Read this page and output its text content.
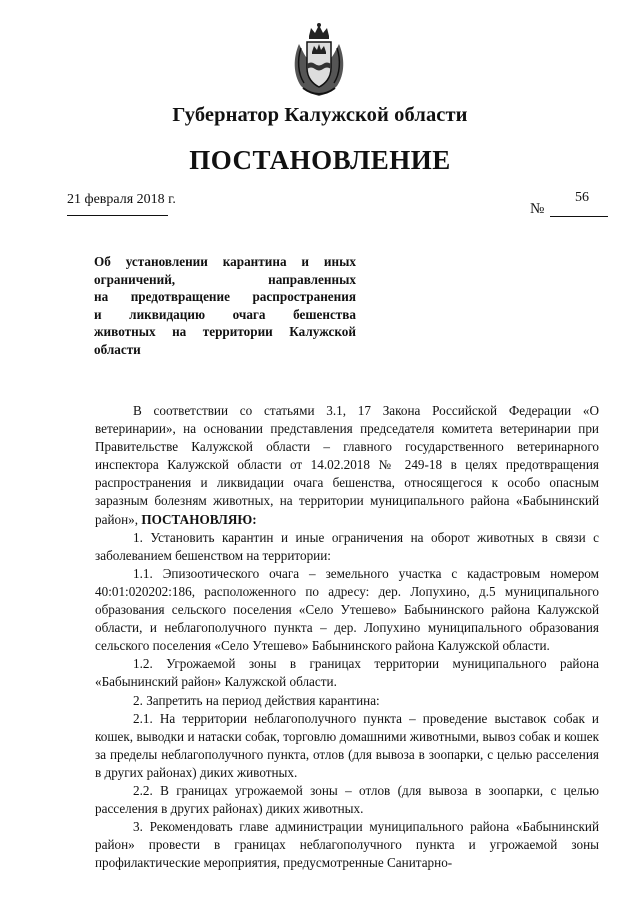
Губернатор Калужской области
ПОСТАНОВЛЕНИЕ
21 февраля 2018 г.
№
56
Об установлении карантина и иных
ограничений, направленных
на предотвращение распространения
и ликвидацию очага бешенства
животных на территории Калужской
области

В соответствии со статьями 3.1, 17 Закона Российской Федерации «О ветеринарии», на основании представления председателя комитета ветеринарии при Правительстве Калужской области – главного государственного ветеринарного инспектора Калужской области от 14.02.2018 № 249-18 в целях предотвращения распространения и ликвидации очага бешенства, относящегося к особо опасным заразным болезням животных, на территории муниципального района «Бабынинский район», ПОСТАНОВЛЯЮ:

1. Установить карантин и иные ограничения на оборот животных в связи с заболеванием бешенством на территории:

1.1. Эпизоотического очага – земельного участка с кадастровым номером 40:01:020202:186, расположенного по адресу: дер. Лопухино, д.5 муниципального образования сельского поселения «Село Утешево» Бабынинского района Калужской области, и неблагополучного пункта – дер. Лопухино муниципального образования сельского поселения «Село Утешево» Бабынинского района Калужской области.

1.2. Угрожаемой зоны в границах территории муниципального района «Бабынинский район» Калужской области.

2. Запретить на период действия карантина:

2.1. На территории неблагополучного пункта – проведение выставок собак и кошек, выводки и натаски собак, торговлю домашними животными, вывоз собак и кошек за пределы неблагополучного пункта, отлов (для вывоза в зоопарки, с целью расселения в других районах) диких животных.

2.2. В границах угрожаемой зоны – отлов (для вывоза в зоопарки, с целью расселения в других районах) диких животных.

3. Рекомендовать главе администрации муниципального района «Бабынинский район» провести в границах неблагополучного пункта и угрожаемой зоны профилактические мероприятия, предусмотренные Санитарно-
